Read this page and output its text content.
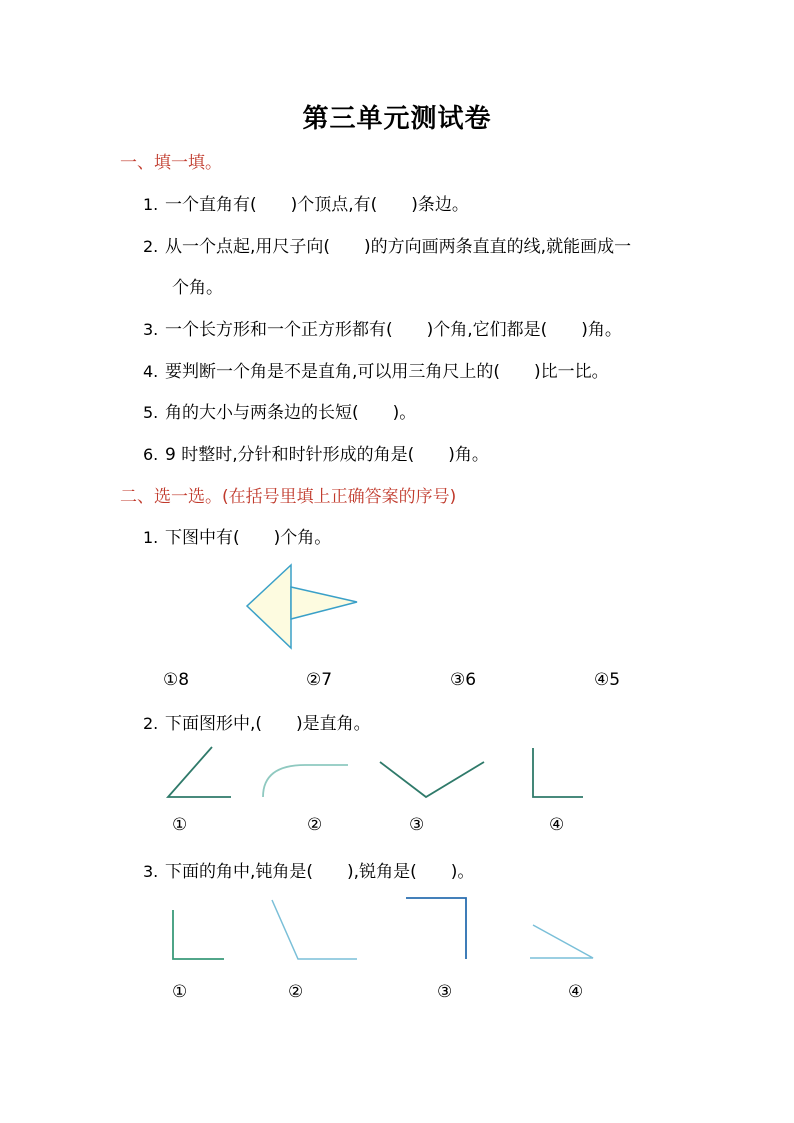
第三单元测试卷
一、填一填。
1. 一个直角有(　　)个顶点,有(　　)条边。
2. 从一个点起,用尺子向(　　)的方向画两条直直的线,就能画成一
个角。
3. 一个长方形和一个正方形都有(　　)个角,它们都是(　　)角。
4. 要判断一个角是不是直角,可以用三角尺上的(　　)比一比。
5. 角的大小与两条边的长短(　　)。
6. 9 时整时,分针和时针形成的角是(　　)角。
二、选一选。(在括号里填上正确答案的序号)
1. 下图中有(　　)个角。
①8	②7	③6	④5
2. 下面图形中,(　　)是直角。
①	②	③	④
3. 下面的角中,钝角是(　　),锐角是(　　)。
①	②	③	④
